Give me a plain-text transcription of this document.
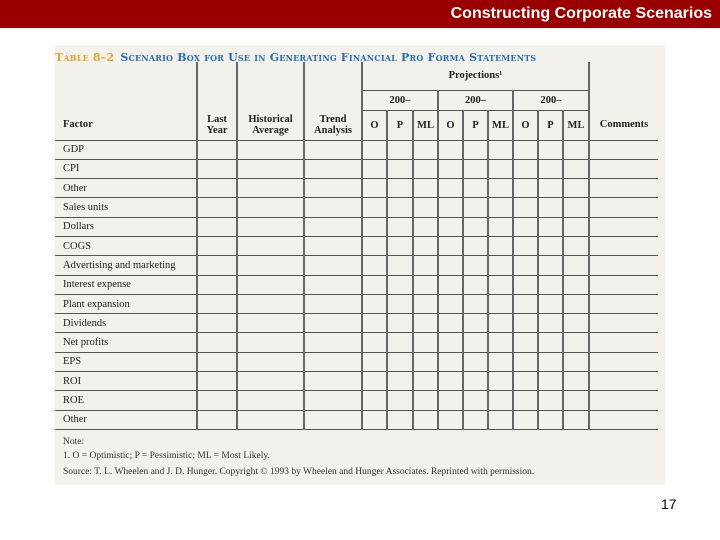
Constructing Corporate Scenarios
Table 8–2 Scenario Box for Use in Generating Financial Pro Forma Statements
				Projections¹									
				200–			200–			200–			
Factor	Last Year	Historical Average	Trend Analysis	O	P	ML	O	P	ML	O	P	ML	Comments
GDP													
CPI													
Other													
Sales units													
Dollars													
COGS													
Advertising and marketing													
Interest expense													
Plant expansion													
Dividends													
Net profits													
EPS													
ROI													
ROE													
Other													
Note:
1. O = Optimistic; P = Pessimistic; ML = Most Likely.
Source: T. L. Wheelen and J. D. Hunger. Copyright © 1993 by Wheelen and Hunger Associates. Reprinted with permission.
17
